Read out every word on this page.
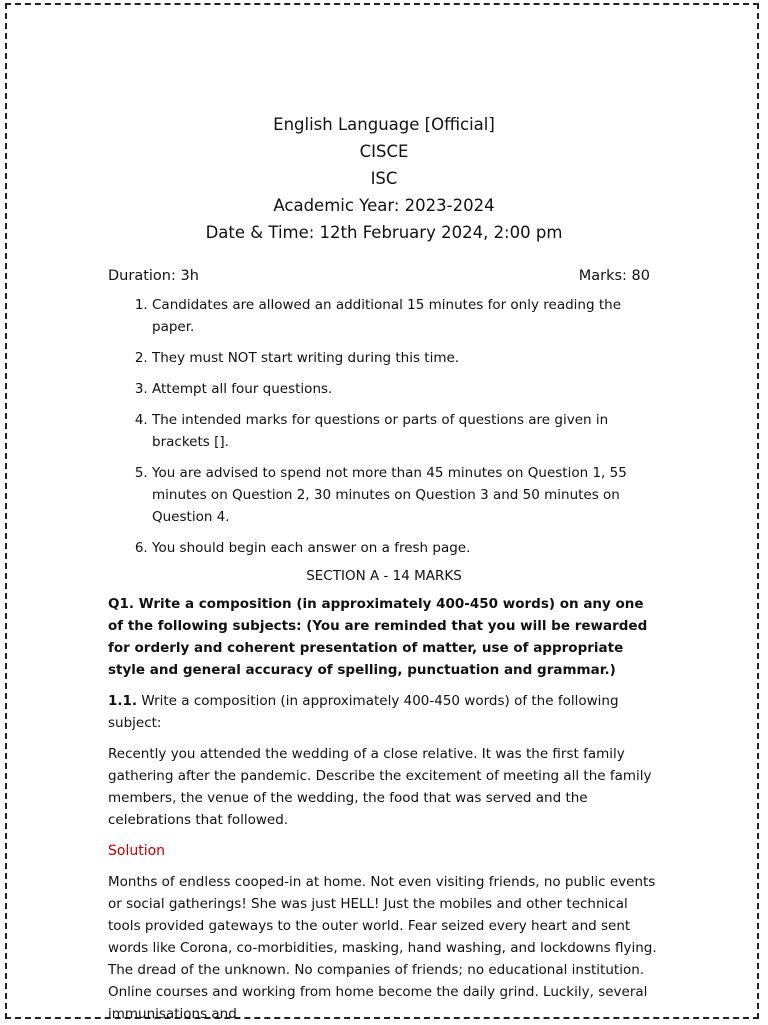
English Language [Official]
CISCE
ISC
Academic Year: 2023-2024
Date & Time: 12th February 2024, 2:00 pm
Duration: 3h	Marks: 80
1. Candidates are allowed an additional 15 minutes for only reading the paper.
2. They must NOT start writing during this time.
3. Attempt all four questions.
4. The intended marks for questions or parts of questions are given in brackets [].
5. You are advised to spend not more than 45 minutes on Question 1, 55 minutes on Question 2, 30 minutes on Question 3 and 50 minutes on Question 4.
6. You should begin each answer on a fresh page.
SECTION A - 14 MARKS
Q1. Write a composition (in approximately 400-450 words) on any one of the following subjects: (You are reminded that you will be rewarded for orderly and coherent presentation of matter, use of appropriate style and general accuracy of spelling, punctuation and grammar.)
1.1. Write a composition (in approximately 400-450 words) of the following subject:
Recently you attended the wedding of a close relative. It was the first family gathering after the pandemic. Describe the excitement of meeting all the family members, the venue of the wedding, the food that was served and the celebrations that followed.
Solution
Months of endless cooped-in at home. Not even visiting friends, no public events or social gatherings! She was just HELL! Just the mobiles and other technical tools provided gateways to the outer world. Fear seized every heart and sent words like Corona, co-morbidities, masking, hand washing, and lockdowns flying. The dread of the unknown. No companies of friends; no educational institution. Online courses and working from home become the daily grind. Luckily, several immunisations and
